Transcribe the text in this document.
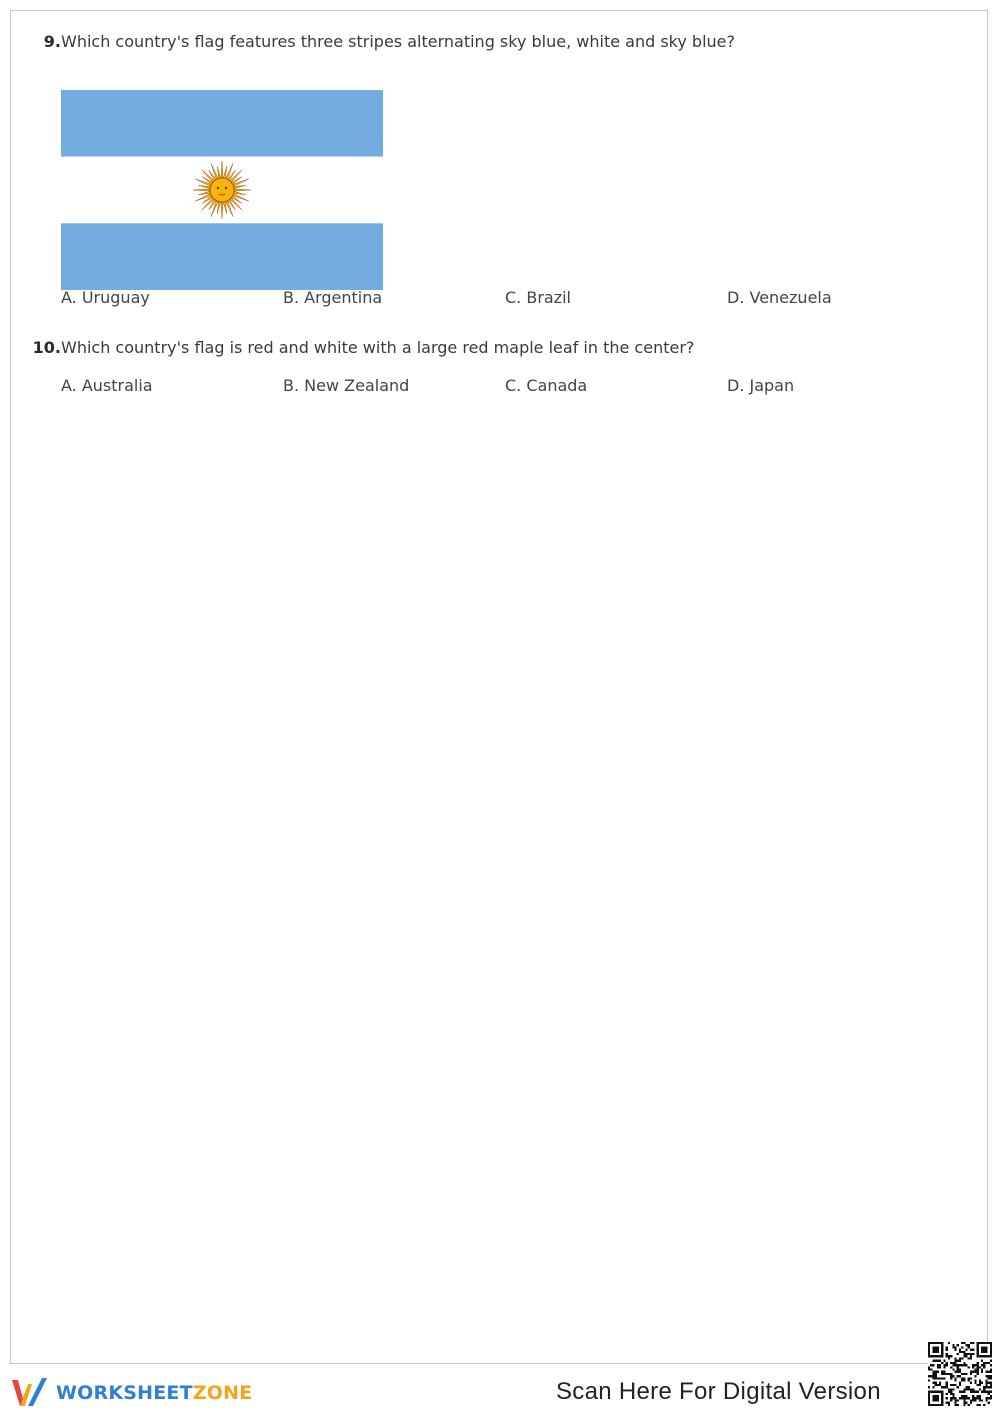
9. Which country's flag features three stripes alternating sky blue, white and sky blue?
A. Uruguay	B. Argentina	C. Brazil	D. Venezuela
10. Which country's flag is red and white with a large red maple leaf in the center?
A. Australia	B. New Zealand	C. Canada	D. Japan
WORKSHEETZONE	Scan Here For Digital Version
